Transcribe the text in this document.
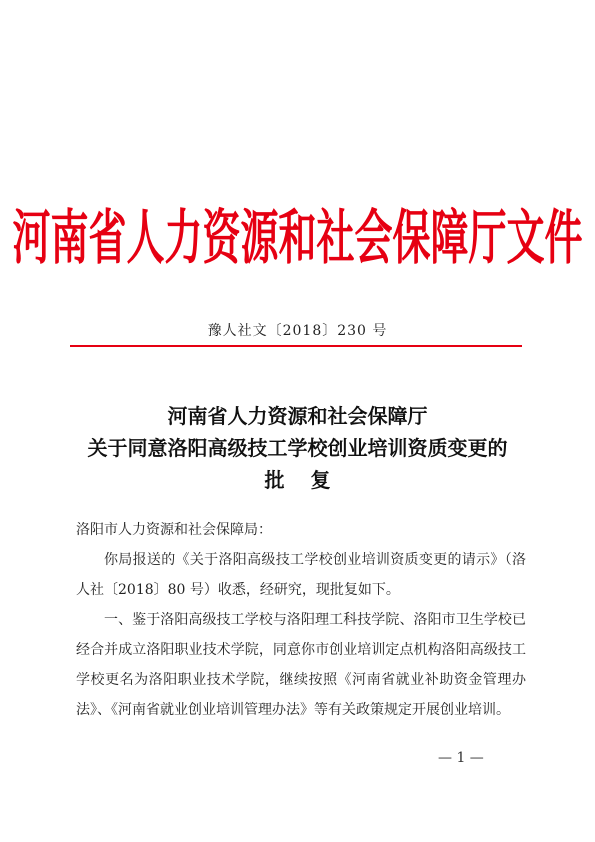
河南省人力资源和社会保障厅文件
豫人社文〔2018〕230 号
河南省人力资源和社会保障厅
关于同意洛阳高级技工学校创业培训资质变更的
批复

洛阳市人力资源和社会保障局：

你局报送的《关于洛阳高级技工学校创业培训资质变更的请示》（洛人社〔2018〕80 号）收悉，经研究，现批复如下。

一、鉴于洛阳高级技工学校与洛阳理工科技学院、洛阳市卫生学校已经合并成立洛阳职业技术学院，同意你市创业培训定点机构洛阳高级技工学校更名为洛阳职业技术学院，继续按照《河南省就业补助资金管理办法》、《河南省就业创业培训管理办法》等有关政策规定开展创业培训。

— 1 —
